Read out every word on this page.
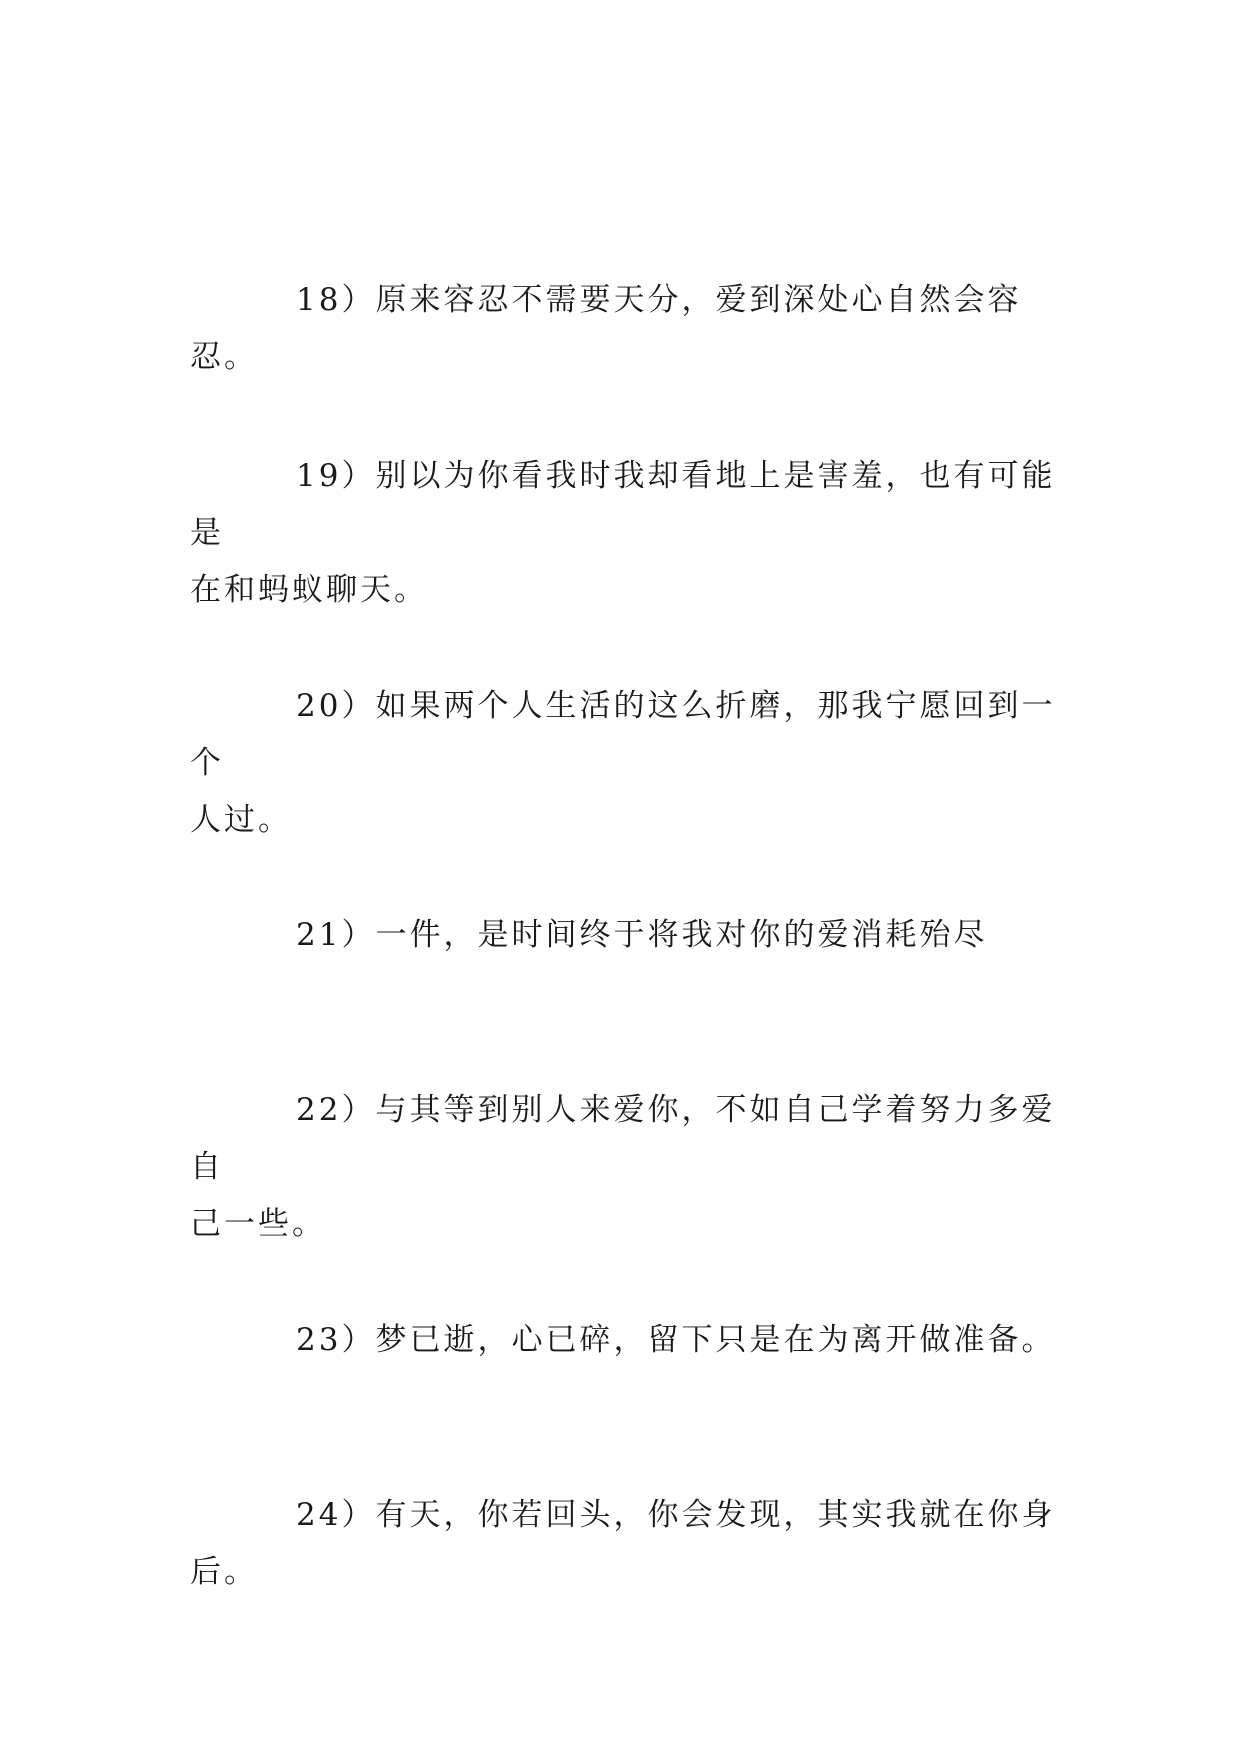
18）原来容忍不需要天分，爱到深处心自然会容忍。

19）别以为你看我时我却看地上是害羞，也有可能是
在和蚂蚁聊天。

20）如果两个人生活的这么折磨，那我宁愿回到一个
人过。

21）一件，是时间终于将我对你的爱消耗殆尽

22）与其等到别人来爱你，不如自己学着努力多爱自
己一些。

23）梦已逝，心已碎，留下只是在为离开做准备。

24）有天，你若回头，你会发现，其实我就在你身后。
